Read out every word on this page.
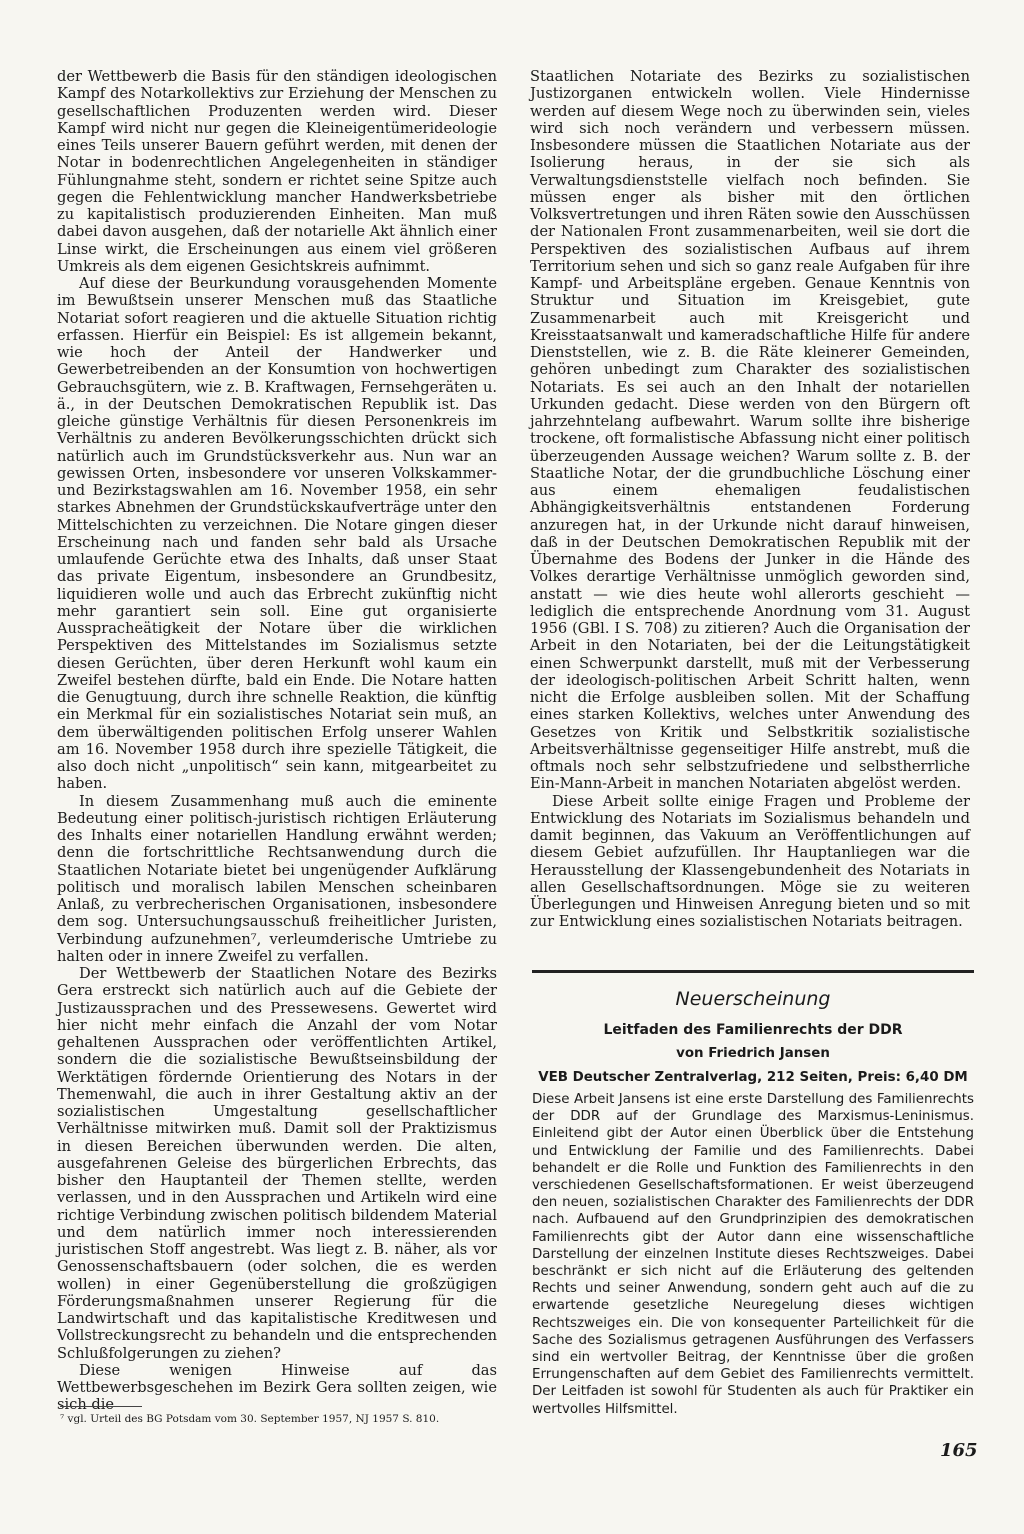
der Wettbewerb die Basis für den ständigen ideologischen Kampf des Notarkollektivs zur Erziehung der Menschen zu gesellschaftlichen Produzenten werden wird. Dieser Kampf wird nicht nur gegen die Kleineigentümerideologie eines Teils unserer Bauern geführt werden, mit denen der Notar in bodenrechtlichen Angelegenheiten in ständiger Fühlungnahme steht, sondern er richtet seine Spitze auch gegen die Fehlentwicklung mancher Handwerksbetriebe zu kapitalistisch produzierenden Einheiten. Man muß dabei davon ausgehen, daß der notarielle Akt ähnlich einer Linse wirkt, die Erscheinungen aus einem viel größeren Umkreis als dem eigenen Gesichtskreis aufnimmt.

Auf diese der Beurkundung vorausgehenden Momente im Bewußtsein unserer Menschen muß das Staatliche Notariat sofort reagieren und die aktuelle Situation richtig erfassen. Hierfür ein Beispiel: Es ist allgemein bekannt, wie hoch der Anteil der Handwerker und Gewerbetreibenden an der Konsumtion von hochwertigen Gebrauchsgütern, wie z. B. Kraftwagen, Fernsehgeräten u. ä., in der Deutschen Demokratischen Republik ist. Das gleiche günstige Verhältnis für diesen Personenkreis im Verhältnis zu anderen Bevölkerungsschichten drückt sich natürlich auch im Grundstücksverkehr aus. Nun war an gewissen Orten, insbesondere vor unseren Volkskammer- und Bezirkstagswahlen am 16. November 1958, ein sehr starkes Abnehmen der Grundstückskaufverträge unter den Mittelschichten zu verzeichnen. Die Notare gingen dieser Erscheinung nach und fanden sehr bald als Ursache umlaufende Gerüchte etwa des Inhalts, daß unser Staat das private Eigentum, insbesondere an Grundbesitz, liquidieren wolle und auch das Erbrecht zukünftig nicht mehr garantiert sein soll. Eine gut organisierte Ausspracheätigkeit der Notare über die wirklichen Perspektiven des Mittelstandes im Sozialismus setzte diesen Gerüchten, über deren Herkunft wohl kaum ein Zweifel bestehen dürfte, bald ein Ende. Die Notare hatten die Genugtuung, durch ihre schnelle Reaktion, die künftig ein Merkmal für ein sozialistisches Notariat sein muß, an dem überwältigenden politischen Erfolg unserer Wahlen am 16. November 1958 durch ihre spezielle Tätigkeit, die also doch nicht „unpolitisch“ sein kann, mitgearbeitet zu haben.

In diesem Zusammenhang muß auch die eminente Bedeutung einer politisch-juristisch richtigen Erläuterung des Inhalts einer notariellen Handlung erwähnt werden; denn die fortschrittliche Rechtsanwendung durch die Staatlichen Notariate bietet bei ungenügender Aufklärung politisch und moralisch labilen Menschen scheinbaren Anlaß, zu verbrecherischen Organisationen, insbesondere dem sog. Untersuchungsausschuß freiheitlicher Juristen, Verbindung aufzunehmen⁷, verleumderische Umtriebe zu halten oder in innere Zweifel zu verfallen.

Der Wettbewerb der Staatlichen Notare des Bezirks Gera erstreckt sich natürlich auch auf die Gebiete der Justizaussprachen und des Pressewesens. Gewertet wird hier nicht mehr einfach die Anzahl der vom Notar gehaltenen Aussprachen oder veröffentlichten Artikel, sondern die die sozialistische Bewußtseinsbildung der Werktätigen fördernde Orientierung des Notars in der Themenwahl, die auch in ihrer Gestaltung aktiv an der sozialistischen Umgestaltung gesellschaftlicher Verhältnisse mitwirken muß. Damit soll der Praktizismus in diesen Bereichen überwunden werden. Die alten, ausgefahrenen Geleise des bürgerlichen Erbrechts, das bisher den Hauptanteil der Themen stellte, werden verlassen, und in den Aussprachen und Artikeln wird eine richtige Verbindung zwischen politisch bildendem Material und dem natürlich immer noch interessierenden juristischen Stoff angestrebt. Was liegt z. B. näher, als vor Genossenschaftsbauern (oder solchen, die es werden wollen) in einer Gegenüberstellung die großzügigen Förderungsmaßnahmen unserer Regierung für die Landwirtschaft und das kapitalistische Kreditwesen und Vollstreckungsrecht zu behandeln und die entsprechenden Schlußfolgerungen zu ziehen?

Diese wenigen Hinweise auf das Wettbewerbsgeschehen im Bezirk Gera sollten zeigen, wie sich die

⁷ vgl. Urteil des BG Potsdam vom 30. September 1957, NJ 1957 S. 810.

Staatlichen Notariate des Bezirks zu sozialistischen Justizorganen entwickeln wollen. Viele Hindernisse werden auf diesem Wege noch zu überwinden sein, vieles wird sich noch verändern und verbessern müssen. Insbesondere müssen die Staatlichen Notariate aus der Isolierung heraus, in der sie sich als Verwaltungsdienststelle vielfach noch befinden. Sie müssen enger als bisher mit den örtlichen Volksvertretungen und ihren Räten sowie den Ausschüssen der Nationalen Front zusammenarbeiten, weil sie dort die Perspektiven des sozialistischen Aufbaus auf ihrem Territorium sehen und sich so ganz reale Aufgaben für ihre Kampf- und Arbeitspläne ergeben. Genaue Kenntnis von Struktur und Situation im Kreisgebiet, gute Zusammenarbeit auch mit Kreisgericht und Kreisstaatsanwalt und kameradschaftliche Hilfe für andere Dienststellen, wie z. B. die Räte kleinerer Gemeinden, gehören unbedingt zum Charakter des sozialistischen Notariats. Es sei auch an den Inhalt der notariellen Urkunden gedacht. Diese werden von den Bürgern oft jahrzehntelang aufbewahrt. Warum sollte ihre bisherige trockene, oft formalistische Abfassung nicht einer politisch überzeugenden Aussage weichen? Warum sollte z. B. der Staatliche Notar, der die grundbuchliche Löschung einer aus einem ehemaligen feudalistischen Abhängigkeitsverhältnis entstandenen Forderung anzuregen hat, in der Urkunde nicht darauf hinweisen, daß in der Deutschen Demokratischen Republik mit der Übernahme des Bodens der Junker in die Hände des Volkes derartige Verhältnisse unmöglich geworden sind, anstatt — wie dies heute wohl allerorts geschieht — lediglich die entsprechende Anordnung vom 31. August 1956 (GBl. I S. 708) zu zitieren? Auch die Organisation der Arbeit in den Notariaten, bei der die Leitungstätigkeit einen Schwerpunkt darstellt, muß mit der Verbesserung der ideologisch-politischen Arbeit Schritt halten, wenn nicht die Erfolge ausbleiben sollen. Mit der Schaffung eines starken Kollektivs, welches unter Anwendung des Gesetzes von Kritik und Selbstkritik sozialistische Arbeitsverhältnisse gegenseitiger Hilfe anstrebt, muß die oftmals noch sehr selbstzufriedene und selbstherrliche Ein-Mann-Arbeit in manchen Notariaten abgelöst werden.

Diese Arbeit sollte einige Fragen und Probleme der Entwicklung des Notariats im Sozialismus behandeln und damit beginnen, das Vakuum an Veröffentlichungen auf diesem Gebiet aufzufüllen. Ihr Hauptanliegen war die Herausstellung der Klassengebundenheit des Notariats in allen Gesellschaftsordnungen. Möge sie zu weiteren Überlegungen und Hinweisen Anregung bieten und so mit zur Entwicklung eines sozialistischen Notariats beitragen.

Neuerscheinung
Leitfaden des Familienrechts der DDR
von Friedrich Jansen
VEB Deutscher Zentralverlag, 212 Seiten, Preis: 6,40 DM
Diese Arbeit Jansens ist eine erste Darstellung des Familienrechts der DDR auf der Grundlage des Marxismus-Leninismus. Einleitend gibt der Autor einen Überblick über die Entstehung und Entwicklung der Familie und des Familienrechts. Dabei behandelt er die Rolle und Funktion des Familienrechts in den verschiedenen Gesellschaftsformationen. Er weist überzeugend den neuen, sozialistischen Charakter des Familienrechts der DDR nach. Aufbauend auf den Grundprinzipien des demokratischen Familienrechts gibt der Autor dann eine wissenschaftliche Darstellung der einzelnen Institute dieses Rechtszweiges. Dabei beschränkt er sich nicht auf die Erläuterung des geltenden Rechts und seiner Anwendung, sondern geht auch auf die zu erwartende gesetzliche Neuregelung dieses wichtigen Rechtszweiges ein. Die von konsequenter Parteilichkeit für die Sache des Sozialismus getragenen Ausführungen des Verfassers sind ein wertvoller Beitrag, der Kenntnisse über die großen Errungenschaften auf dem Gebiet des Familienrechts vermittelt. Der Leitfaden ist sowohl für Studenten als auch für Praktiker ein wertvolles Hilfsmittel.
165
